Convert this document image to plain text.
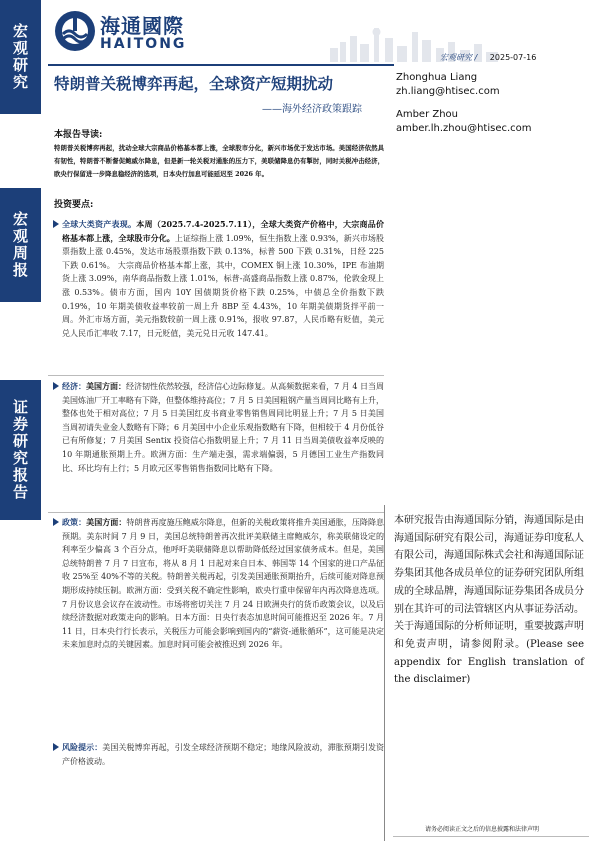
宏观研究
宏观周报
证券研究报告
海通國際
HAITONG
宏观研究 / 2025-07-16
特朗普关税博弈再起，全球资产短期扰动
——海外经济政策跟踪
Zhonghua Liang
zh.liang@htisec.com
Amber Zhou
amber.lh.zhou@htisec.com
本报告导读:
特朗普关税博弈再起，扰动全球大宗商品价格基本都上涨，全球股市分化，新兴市场优于发达市场。美国经济依然具有韧性，特朗普不断督促鲍威尔降息，但是新一轮关税对通胀的压力下，美联储降息仍有掣肘，同时关税冲击经济，欧央行保留进一步降息稳经济的选项，日本央行加息可能延迟至 2026 年。
投资要点:
全球大类资产表现。本周（2025.7.4-2025.7.11），全球大类资产价格中，大宗商品价格基本都上涨，全球股市分化。上证综指上涨 1.09%，恒生指数上涨 0.93%，新兴市场股票指数上涨 0.45%，发达市场股票指数下跌 0.13%，标普 500 下跌 0.31%，日经 225 下跌 0.61%。 大宗商品价格基本都上涨，其中，COMEX 铜上涨 10.30%，IPE 布油期货上涨 3.09%，南华商品指数上涨 1.01%，标普-高盛商品指数上涨 0.87%，伦敦金现上涨 0.53%。债市方面，国内 10Y 国债期货价格下跌 0.25%，中债总全价指数下跌 0.19%，10 年期美债收益率较前一周上升 8BP 至 4.43%，10 年期美债期货拌平前一周。外汇市场方面，美元指数较前一周上涨 0.91%，报收 97.87，人民币略有贬值，美元兑人民币汇率收 7.17，日元贬值，美元兑日元收 147.41。
经济：美国方面：经济韧性依然较强，经济信心边际修复。从高频数据来看，7 月 4 日当周美国炼油厂开工率略有下降，但整体维持高位；7 月 5 日美国粗钢产量当周同比略有上升，整体也处于相对高位；7 月 5 日美国红皮书商业零售销售周同比明显上升；7 月 5 日美国当周初请失业金人数略有下降；6 月美国中小企业乐观指数略有下降，但相较于 4 月份低谷已有所修复；7 月美国 Sentix 投资信心指数明显上升；7 月 11 日当周美债收益率反映的 10 年期通胀预期上升。欧洲方面：生产端走强，需求端偏弱，5 月德国工业生产指数同比、环比均有上行；5 月欧元区零售销售指数同比略有下降。
政策：美国方面：特朗普再度施压鲍威尔降息，但新的关税政策将推升美国通胀，压降降息预期。美东时间 7 月 9 日，美国总统特朗普再次批评美联储主席鲍威尔，称美联储设定的利率至少偏高 3 个百分点，他呼吁美联储降息以帮助降低经过国家债务成本。但是，美国总统特朗普 7 月 7 日宣布，将从 8 月 1 日起对来自日本、韩国等 14 个国家的进口产品征收 25%至 40%不等的关税。特朗普关税再起，引发美国通胀预期抬升，后续可能对降息预期形成持续压制。欧洲方面：受到关税不确定性影响，欧央行重申保留年内再次降息选项。7 月份议息会议存在波动性。市场将密切关注 7 月 24 日欧洲央行的货币政策会议，以及后续经济数据对政策走向的影响。日本方面：日央行表态加息时间可能推迟至 2026 年。7 月 11 日，日本央行行长表示，关税压力可能会影响到国内的“薪资-通胀循环”，这可能是决定未来加息时点的关键因素。加息时间可能会被推迟到 2026 年。
风险提示：美国关税博弈再起，引发全球经济预期不稳定；地缘风险波动，滞胀预期引发资产价格波动。
本研究报告由海通国际分销，海通国际是由海通国际研究有限公司，海通证券印度私人有限公司，海通国际株式会社和海通国际证券集团其他各成员单位的证券研究团队所组成的全球品牌，海通国际证券集团各成员分别在其许可的司法管辖区内从事证券活动。关于海通国际的分析师证明，重要披露声明和免责声明，请参阅附录。(Please see appendix for English translation of the disclaimer)
请务必阅读正文之后的信息披露和法律声明
